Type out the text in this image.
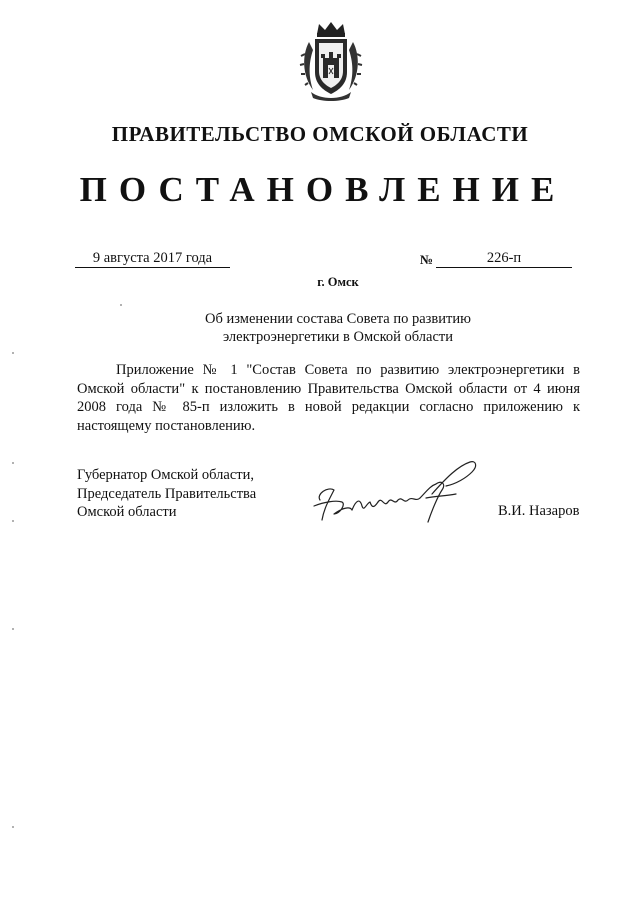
ПРАВИТЕЛЬСТВО ОМСКОЙ ОБЛАСТИ
ПОСТАНОВЛЕНИЕ
9 августа 2017 года	№	226-п
г. Омск
Об изменении состава Совета по развитию
электроэнергетики в Омской области
Приложение № 1 "Состав Совета по развитию электроэнергетики в Омской области" к постановлению Правительства Омской области от 4 июня 2008 года № 85-п изложить в новой редакции согласно приложению к настоящему постановлению.
Губернатор Омской области,
Председатель Правительства
Омской области	В.И. Назаров
